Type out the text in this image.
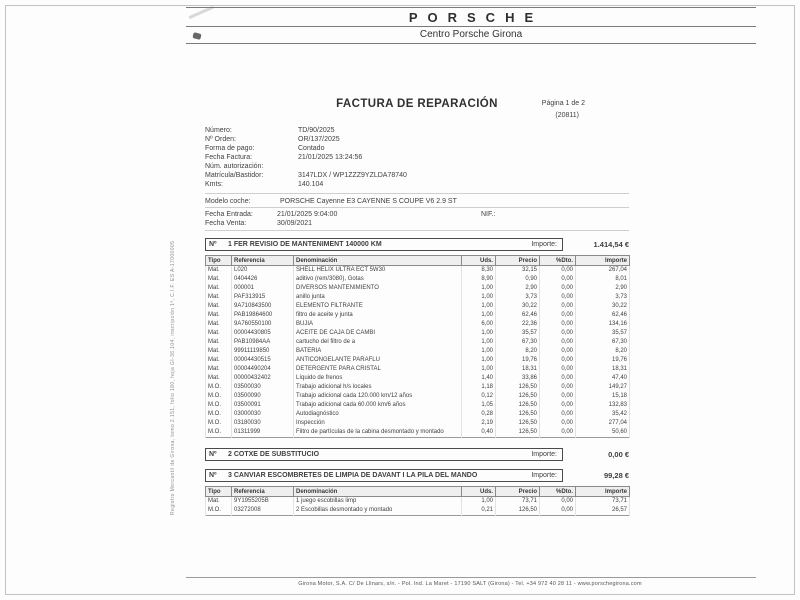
PORSCHE
Centro Porsche Girona
Registro Mercantil de Girona, tomo 2.151, folio 180, hoja GI-36.104, inscripción 1ª, C.I.F. ES A-17000005
FACTURA DE REPARACIÓN	Página 1 de 2
(20811)
Número:	TD/90/2025
Nº Orden:	OR/137/2025
Forma de pago:	Contado
Fecha Factura:	21/01/2025 13:24:56
Núm. autorización:
Matrícula/Bastidor:	3147LDX / WP1ZZZ9YZLDA78740
Kmts:	140.104
Modelo coche:	PORSCHE Cayenne E3 CAYENNE S COUPE V6 2.9 ST
Fecha Entrada:	21/01/2025 9:04:00	NIF.:
Fecha Venta:	30/09/2021
Nº	1 FER REVISIO DE MANTENIMENT 140000 KM	Importe:	1.414,54 €
Tipo	Referencia	Denominación	Uds.	Precio	%Dto.	Importe
Mat.	L020	SHELL HELIX ULTRA ECT 5W30	8,30	32,15	0,00	267,04
Mat.	0404426	aditivo (rem/3080), Gotas	8,90	0,90	0,00	8,01
Mat.	000001	DIVERSOS MANTENIMIENTO	1,00	2,90	0,00	2,90
Mat.	PAF313915	anillo junta	1,00	3,73	0,00	3,73
Mat.	9A710843500	ELEMENTO FILTRANTE	1,00	30,22	0,00	30,22
Mat.	PAB19864600	filtro de aceite y junta	1,00	62,46	0,00	62,46
Mat.	9A760550100	BUJIA	6,00	22,36	0,00	134,16
Mat.	00004430805	ACEITE DE CAJA DE CAMBI	1,00	35,57	0,00	35,57
Mat.	PAB10984AA	cartucho del filtro de a	1,00	67,30	0,00	67,30
Mat.	99911119850	BATERIA	1,00	8,20	0,00	8,20
Mat.	00004430515	ANTICONGELANTE PARAFLU	1,00	19,76	0,00	19,76
Mat.	00004490204	DETERGENTE PARA CRISTAL	1,00	18,31	0,00	18,31
Mat.	00000432402	Líquido de frenos	1,40	33,86	0,00	47,40
M.O.	03500030	Trabajo adicional h/s locales	1,18	126,50	0,00	149,27
M.O.	03500090	Trabajo adicional cada 120.000 km/12 años	0,12	126,50	0,00	15,18
M.O.	03500091	Trabajo adicional cada 60.000 km/6 años	1,05	126,50	0,00	132,83
M.O.	03000030	Autodiagnóstico	0,28	126,50	0,00	35,42
M.O.	03180030	Inspección	2,19	126,50	0,00	277,04
M.O.	01311999	Filtro de partículas de la cabina desmontado y montado	0,40	126,50	0,00	50,60
Nº	2 COTXE DE SUBSTITUCIO	Importe:	0,00 €
Nº	3 CANVIAR ESCOMBRETES DE LIMPIA DE DAVANT I LA PILA DEL MANDO	Importe:	99,28 €
Tipo	Referencia	Denominación	Uds.	Precio	%Dto.	Importe
Mat.	9Y1955205B	1 juego escobillas limp	1,00	73,71	0,00	73,71
M.O.	03272008	2 Escobillas desmontado y montado	0,21	126,50	0,00	26,57
Girona Motor, S.A. C/ De Llinars, s/n. - Pol. Ind. La Maret - 17190 SALT (Girona) - Tel. +34 972 40 28 11 - www.porschegirona.com
